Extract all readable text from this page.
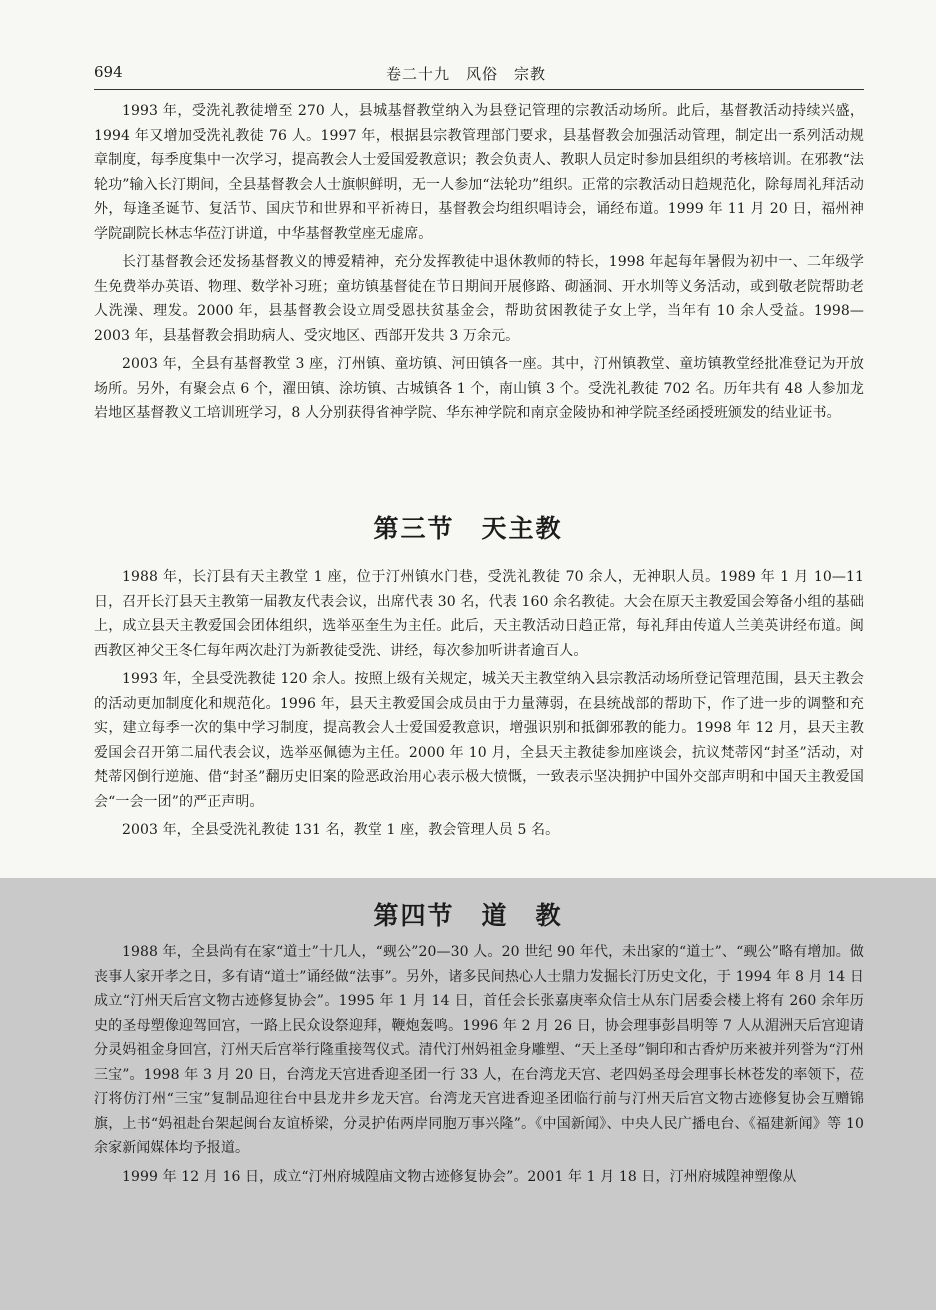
694	卷二十九　风俗　宗教

1993 年，受洗礼教徒增至 270 人，县城基督教堂纳入为县登记管理的宗教活动场所。此后，基督教活动持续兴盛，1994 年又增加受洗礼教徒 76 人。1997 年，根据县宗教管理部门要求，县基督教会加强活动管理，制定出一系列活动规章制度，每季度集中一次学习，提高教会人士爱国爱教意识；教会负责人、教职人员定时参加县组织的考核培训。在邪教“法轮功”输入长汀期间，全县基督教会人士旗帜鲜明，无一人参加“法轮功”组织。正常的宗教活动日趋规范化，除每周礼拜活动外，每逢圣诞节、复活节、国庆节和世界和平祈祷日，基督教会均组织唱诗会，诵经布道。1999 年 11 月 20 日，福州神学院副院长林志华莅汀讲道，中华基督教堂座无虚席。

长汀基督教会还发扬基督教义的博爱精神，充分发挥教徒中退休教师的特长，1998 年起每年暑假为初中一、二年级学生免费举办英语、物理、数学补习班；童坊镇基督徒在节日期间开展修路、砌涵洞、开水圳等义务活动，或到敬老院帮助老人洗澡、理发。2000 年，县基督教会设立周受恩扶贫基金会，帮助贫困教徒子女上学，当年有 10 余人受益。1998—2003 年，县基督教会捐助病人、受灾地区、西部开发共 3 万余元。

2003 年，全县有基督教堂 3 座，汀州镇、童坊镇、河田镇各一座。其中，汀州镇教堂、童坊镇教堂经批准登记为开放场所。另外，有聚会点 6 个，濯田镇、涂坊镇、古城镇各 1 个，南山镇 3 个。受洗礼教徒 702 名。历年共有 48 人参加龙岩地区基督教义工培训班学习，8 人分别获得省神学院、华东神学院和南京金陵协和神学院圣经函授班颁发的结业证书。

第三节　天主教

1988 年，长汀县有天主教堂 1 座，位于汀州镇水门巷，受洗礼教徒 70 余人，无神职人员。1989 年 1 月 10—11 日，召开长汀县天主教第一届教友代表会议，出席代表 30 名，代表 160 余名教徒。大会在原天主教爱国会筹备小组的基础上，成立县天主教爱国会团体组织，选举巫奎生为主任。此后，天主教活动日趋正常，每礼拜由传道人兰美英讲经布道。闽西教区神父王冬仁每年两次赴汀为新教徒受洗、讲经，每次参加听讲者逾百人。

1993 年，全县受洗教徒 120 余人。按照上级有关规定，城关天主教堂纳入县宗教活动场所登记管理范围，县天主教会的活动更加制度化和规范化。1996 年，县天主教爱国会成员由于力量薄弱，在县统战部的帮助下，作了进一步的调整和充实，建立每季一次的集中学习制度，提高教会人士爱国爱教意识，增强识别和抵御邪教的能力。1998 年 12 月，县天主教爱国会召开第二届代表会议，选举巫佩德为主任。2000 年 10 月，全县天主教徒参加座谈会，抗议梵蒂冈“封圣”活动，对梵蒂冈倒行逆施、借“封圣”翻历史旧案的险恶政治用心表示极大愤慨，一致表示坚决拥护中国外交部声明和中国天主教爱国会“一会一团”的严正声明。

2003 年，全县受洗礼教徒 131 名，教堂 1 座，教会管理人员 5 名。

第四节　道　教

1988 年，全县尚有在家“道士”十几人，“觋公”20—30 人。20 世纪 90 年代，未出家的“道士”、“觋公”略有增加。做丧事人家开孝之日，多有请“道士”诵经做“法事”。另外，诸多民间热心人士鼎力发掘长汀历史文化，于 1994 年 8 月 14 日成立“汀州天后宫文物古迹修复协会”。1995 年 1 月 14 日，首任会长张嘉庚率众信士从东门居委会楼上将有 260 余年历史的圣母塑像迎驾回宫，一路上民众设祭迎拜，鞭炮轰鸣。1996 年 2 月 26 日，协会理事彭昌明等 7 人从湄洲天后宫迎请分灵妈祖金身回宫，汀州天后宫举行隆重接驾仪式。清代汀州妈祖金身雕塑、“天上圣母”铜印和古香炉历来被并列誉为“汀州三宝”。1998 年 3 月 20 日，台湾龙天宫进香迎圣团一行 33 人，在台湾龙天宫、老四妈圣母会理事长林苍发的率领下，莅汀将仿汀州“三宝”复制品迎往台中县龙井乡龙天宫。台湾龙天宫进香迎圣团临行前与汀州天后宫文物古迹修复协会互赠锦旗，上书“妈祖赴台架起闽台友谊桥梁，分灵护佑两岸同胞万事兴隆”。《中国新闻》、中央人民广播电台、《福建新闻》等 10 余家新闻媒体均予报道。

1999 年 12 月 16 日，成立“汀州府城隍庙文物古迹修复协会”。2001 年 1 月 18 日，汀州府城隍神塑像从
